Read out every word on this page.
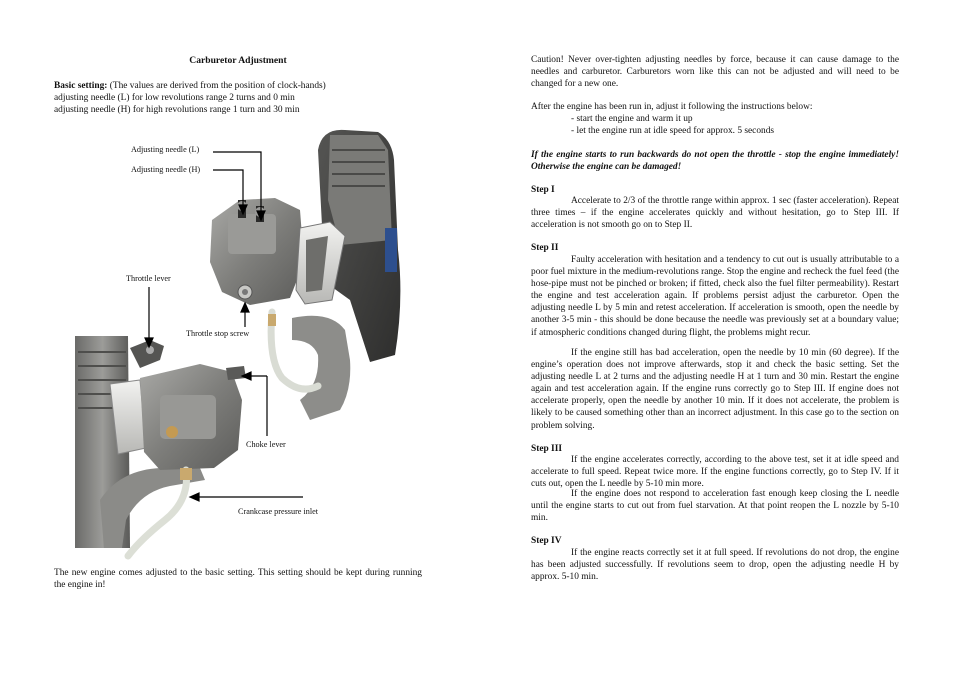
Adjusting needle (L)
Adjusting needle (H)
Throttle lever
Throttle stop screw
Choke lever
Crankcase pressure inlet
Carburetor Adjustment

Basic setting: (The values are derived from the position of clock-hands)

adjusting needle (L) for low revolutions range 2 turns and 0 min

adjusting needle (H) for high revolutions range 1 turn and 30 min

The new engine comes adjusted to the basic setting. This setting should be kept during running the engine in!

Caution! Never over-tighten adjusting needles by force, because it can cause damage to the needles and carburetor. Carburetors worn like this can not be adjusted and will need to be changed for a new one.

After the engine has been run in, adjust it following the instructions below:

- start the engine and warm it up

- let the engine run at idle speed for approx. 5 seconds

If the engine starts to run backwards do not open the throttle - stop the engine immediately! Otherwise the engine can be damaged!

Step I

Accelerate to 2/3 of the throttle range within approx. 1 sec (faster acceleration). Repeat three times – if the engine accelerates quickly and without hesitation, go to Step III. If acceleration is not smooth go on to Step II.

Step II

Faulty acceleration with hesitation and a tendency to cut out is usually attributable to a poor fuel mixture in the medium-revolutions range. Stop the engine and recheck the fuel feed (the hose-pipe must not be pinched or broken; if fitted, check also the fuel filter permeability). Restart the engine and test acceleration again. If problems persist adjust the carburetor. Open the adjusting needle L by 5 min and retest acceleration. If acceleration is smooth, open the needle by another 3-5 min - this should be done because the needle was previously set at a boundary value; if atmospheric conditions changed during flight, the problems might recur.

If the engine still has bad acceleration, open the needle by 10 min (60 degree). If the engine’s operation does not improve afterwards, stop it and check the basic setting. Set the adjusting needle L at 2 turns and the adjusting needle H at 1 turn and 30 min. Restart the engine again and test acceleration again. If the engine runs correctly go to Step III. If engine does not accelerate properly, open the needle by another 10 min. If it does not accelerate, the problem is likely to be caused something other than an incorrect adjustment. In this case go to the section on problem solving.

Step III

If the engine accelerates correctly, according to the above test, set it at idle speed and accelerate to full speed. Repeat twice more. If the engine functions correctly, go to Step IV. If it cuts out, open the L needle by 5-10 min more.

If the engine does not respond to acceleration fast enough keep closing the L needle until the engine starts to cut out from fuel starvation. At that point reopen the L nozzle by 5-10 min.

Step IV

If the engine reacts correctly set it at full speed. If revolutions do not drop, the engine has been adjusted successfully. If revolutions seem to drop, open the adjusting needle H by approx. 5-10 min.
